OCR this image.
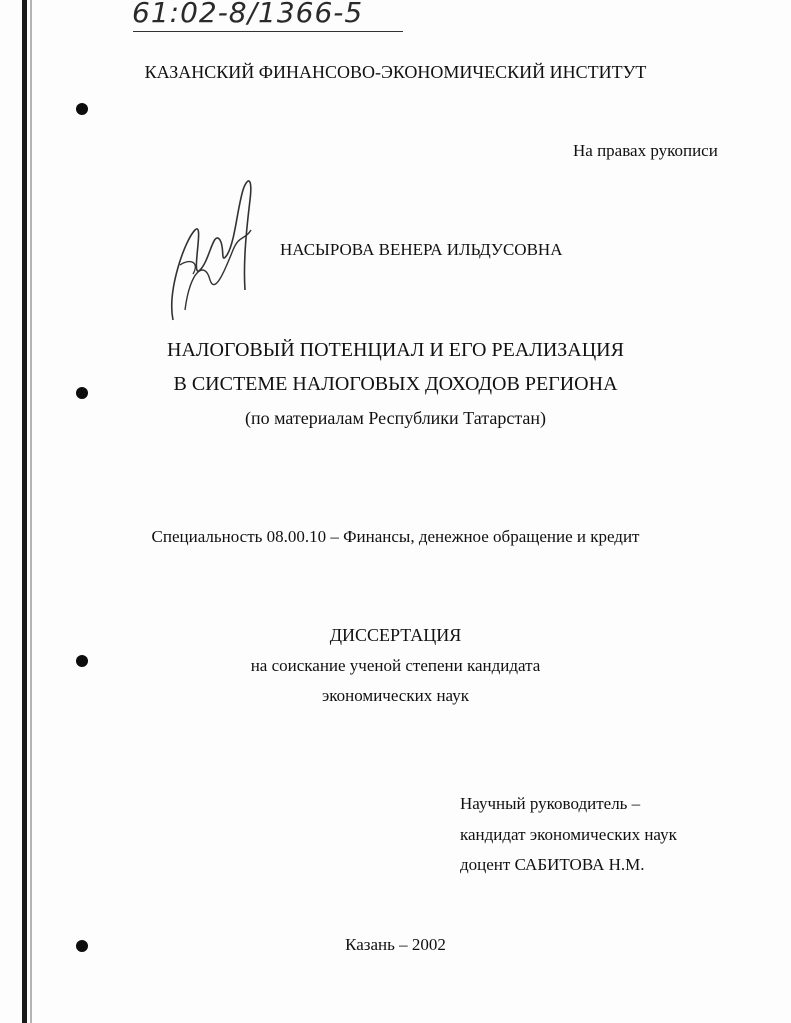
61:02-8/1366-5
КАЗАНСКИЙ ФИНАНСОВО-ЭКОНОМИЧЕСКИЙ ИНСТИТУТ
На правах рукописи
НАСЫРОВА ВЕНЕРА ИЛЬДУСОВНА
НАЛОГОВЫЙ ПОТЕНЦИАЛ И ЕГО РЕАЛИЗАЦИЯ
В СИСТЕМЕ НАЛОГОВЫХ ДОХОДОВ РЕГИОНА
(по материалам Республики Татарстан)
Специальность 08.00.10 – Финансы, денежное обращение и кредит
ДИССЕРТАЦИЯ
на соискание ученой степени кандидата
экономических наук
Научный руководитель –
кандидат экономических наук
доцент САБИТОВА Н.М.
Казань – 2002
